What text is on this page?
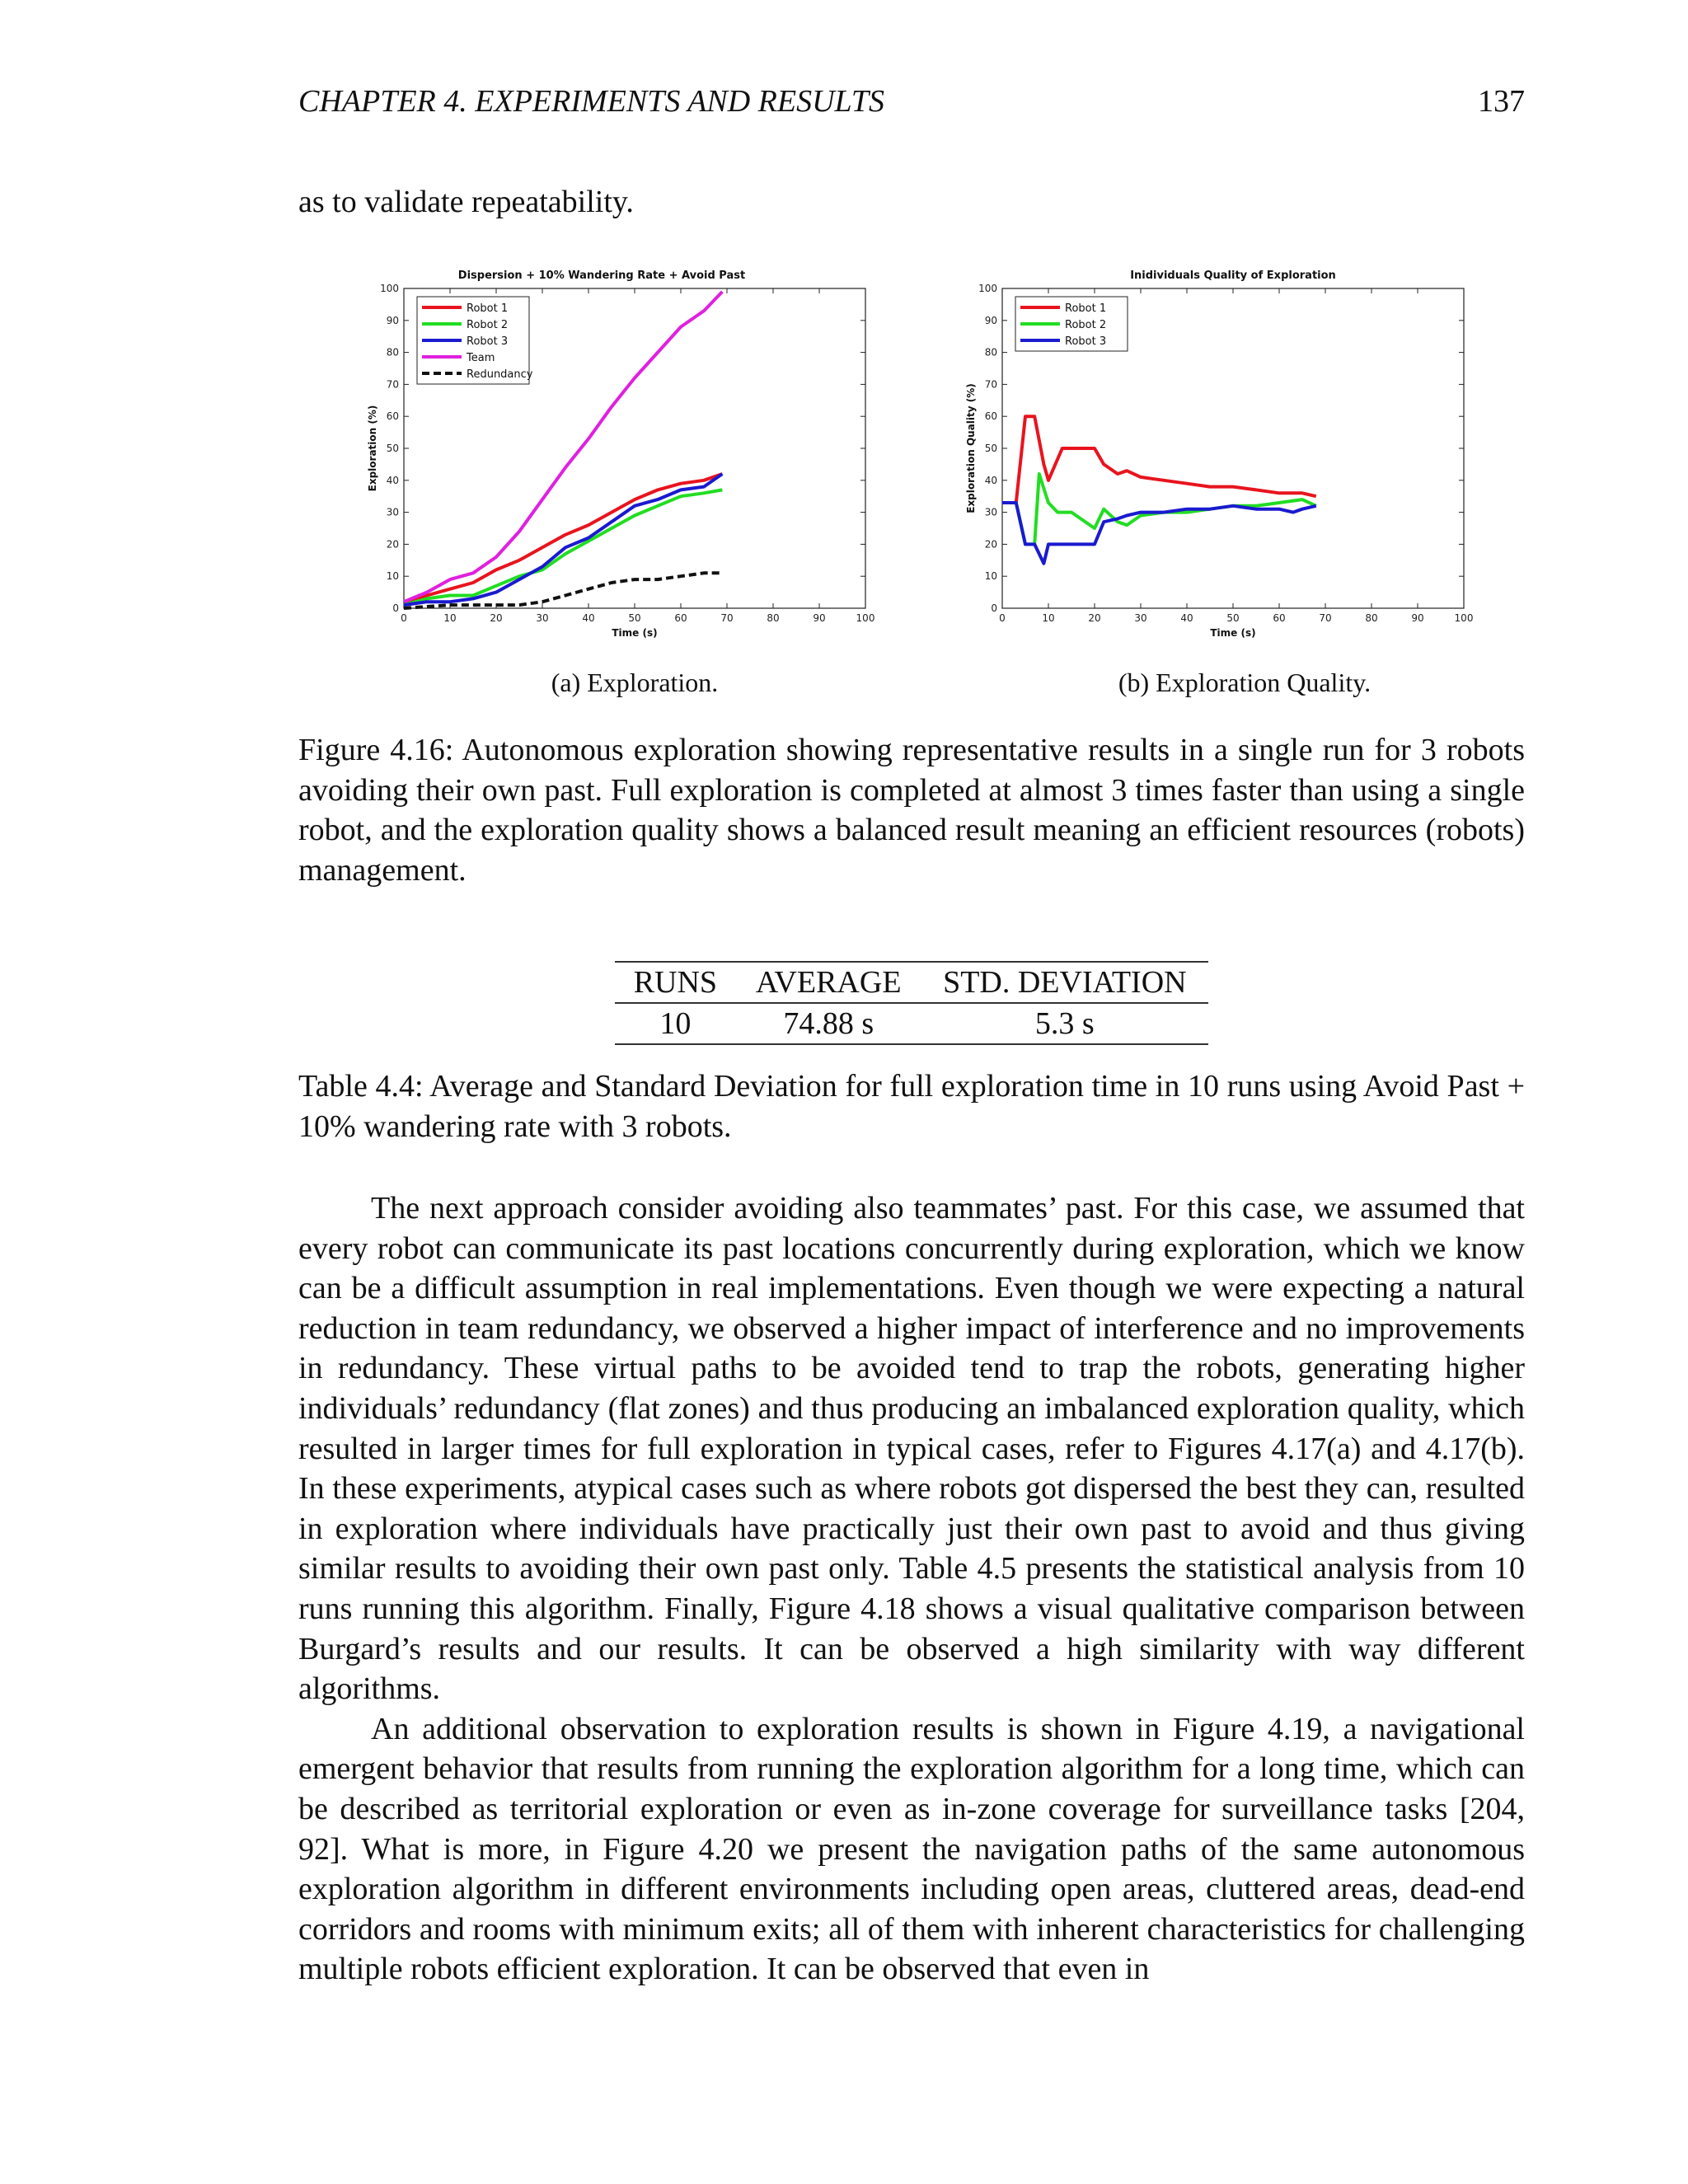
CHAPTER 4. EXPERIMENTS AND RESULTS	137

as to validate repeatability.

Dispersion + 10% Wandering Rate + Avoid Past
0	10	20	30	40	50	60	70	80	90	100
0
10
20
30
40
50
60
70
80
90
100
Time (s)
Exploration (%)
Robot 1
Robot 2
Robot 3
Team
Redundancy
Inidividuals Quality of Exploration
0	10	20	30	40	50	60	70	80	90	100
0
10
20
30
40
50
60
70
80
90
100
Time (s)
Exploration Quality (%)
Robot 1
Robot 2
Robot 3
(a) Exploration.	(b) Exploration Quality.
Figure 4.16: Autonomous exploration showing representative results in a single run for 3 robots avoiding their own past. Full exploration is completed at almost 3 times faster than using a single robot, and the exploration quality shows a balanced result meaning an efficient resources (robots) management.
RUNS	AVERAGE	STD. DEVIATION
10	74.88 s	5.3 s
Table 4.4: Average and Standard Deviation for full exploration time in 10 runs using Avoid Past + 10% wandering rate with 3 robots.

The next approach consider avoiding also teammates’ past. For this case, we assumed that every robot can communicate its past locations concurrently during exploration, which we know can be a difficult assumption in real implementations. Even though we were expecting a natural reduction in team redundancy, we observed a higher impact of interference and no improvements in redundancy. These virtual paths to be avoided tend to trap the robots, generating higher individuals’ redundancy (flat zones) and thus producing an imbalanced exploration quality, which resulted in larger times for full exploration in typical cases, refer to Figures 4.17(a) and 4.17(b). In these experiments, atypical cases such as where robots got dispersed the best they can, resulted in exploration where individuals have practically just their own past to avoid and thus giving similar results to avoiding their own past only. Table 4.5 presents the statistical analysis from 10 runs running this algorithm. Finally, Figure 4.18 shows a visual qualitative comparison between Burgard’s results and our results. It can be observed a high similarity with way different algorithms.

An additional observation to exploration results is shown in Figure 4.19, a navigational emergent behavior that results from running the exploration algorithm for a long time, which can be described as territorial exploration or even as in-zone coverage for surveillance tasks [204, 92]. What is more, in Figure 4.20 we present the navigation paths of the same autonomous exploration algorithm in different environments including open areas, cluttered areas, dead-end corridors and rooms with minimum exits; all of them with inherent characteristics for challenging multiple robots efficient exploration. It can be observed that even in
